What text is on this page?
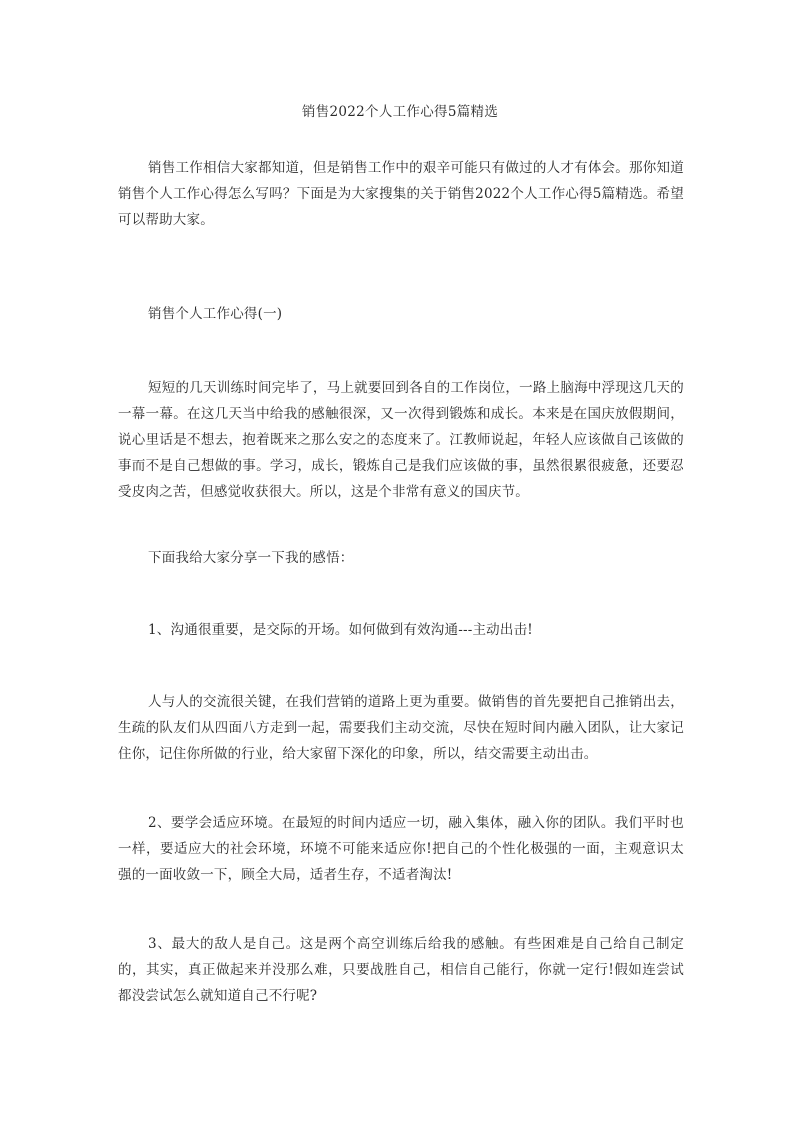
销售2022个人工作心得5篇精选

销售工作相信大家都知道，但是销售工作中的艰辛可能只有做过的人才有体会。那你知道销售个人工作心得怎么写吗？下面是为大家搜集的关于销售2022个人工作心得5篇精选。希望可以帮助大家。

销售个人工作心得(一)

短短的几天训练时间完毕了，马上就要回到各自的工作岗位，一路上脑海中浮现这几天的一幕一幕。在这几天当中给我的感触很深，又一次得到锻炼和成长。本来是在国庆放假期间，说心里话是不想去，抱着既来之那么安之的态度来了。江教师说起，年轻人应该做自己该做的事而不是自己想做的事。学习，成长，锻炼自己是我们应该做的事，虽然很累很疲惫，还要忍受皮肉之苦，但感觉收获很大。所以，这是个非常有意义的国庆节。

下面我给大家分享一下我的感悟：

1、沟通很重要，是交际的开场。如何做到有效沟通---主动出击!

人与人的交流很关键，在我们营销的道路上更为重要。做销售的首先要把自己推销出去，生疏的队友们从四面八方走到一起，需要我们主动交流，尽快在短时间内融入团队，让大家记住你，记住你所做的行业，给大家留下深化的印象，所以，结交需要主动出击。

2、要学会适应环境。在最短的时间内适应一切，融入集体，融入你的团队。我们平时也一样，要适应大的社会环境，环境不可能来适应你!把自己的个性化极强的一面，主观意识太强的一面收敛一下，顾全大局，适者生存，不适者淘汰!

3、最大的敌人是自己。这是两个高空训练后给我的感触。有些困难是自己给自己制定的，其实，真正做起来并没那么难，只要战胜自己，相信自己能行，你就一定行!假如连尝试都没尝试怎么就知道自己不行呢?
